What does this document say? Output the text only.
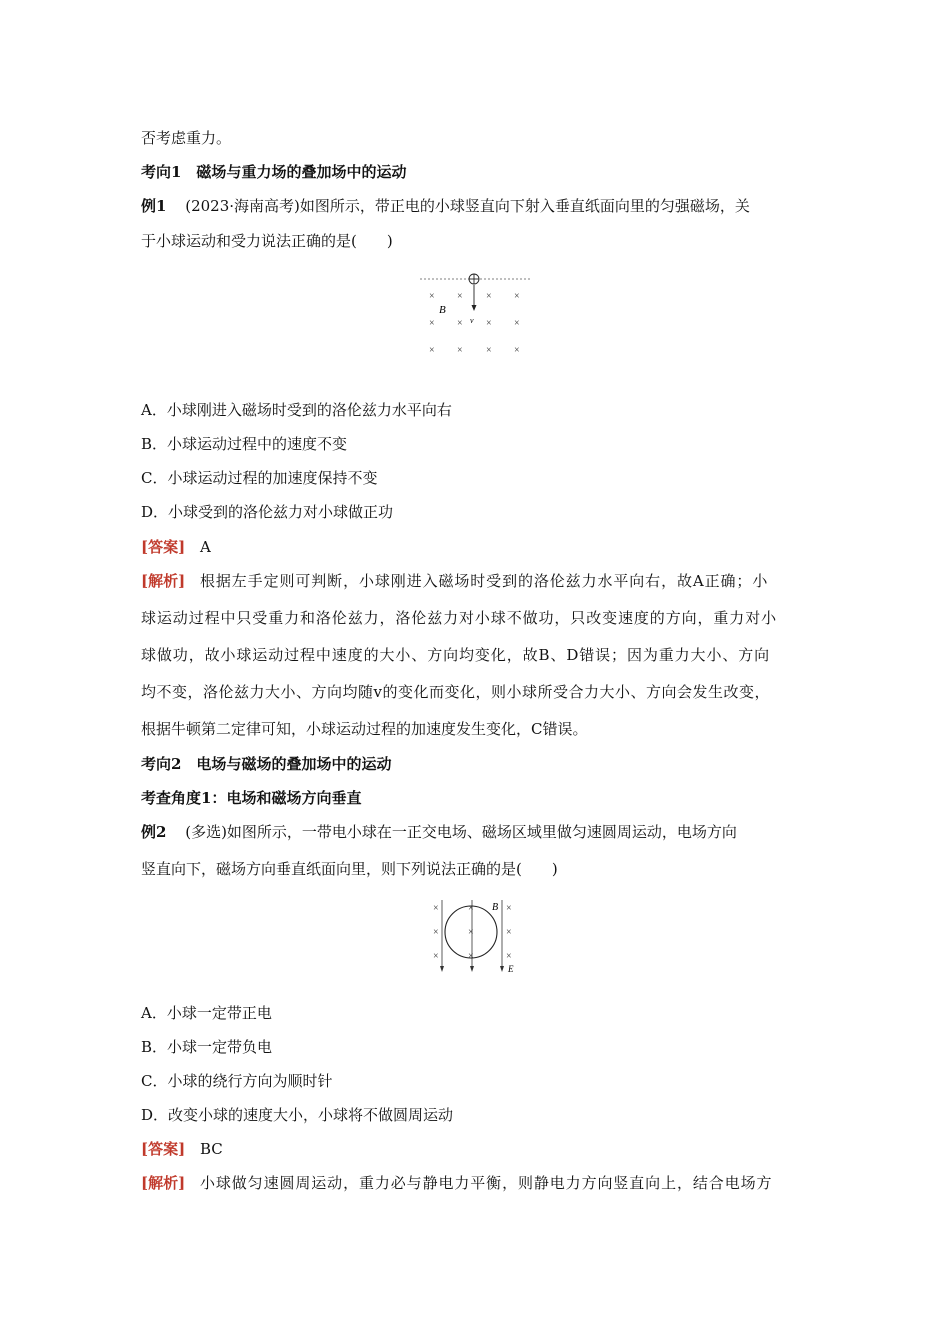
否考虑重力。
考向1　磁场与重力场的叠加场中的运动
例1 (2023·海南高考)如图所示，带正电的小球竖直向下射入垂直纸面向里的匀强磁场，关
于小球运动和受力说法正确的是(　　)
v
B
× × × ×
× × × ×
× × × ×
A．小球刚进入磁场时受到的洛伦兹力水平向右
B．小球运动过程中的速度不变
C．小球运动过程的加速度保持不变
D．小球受到的洛伦兹力对小球做正功
[答案] A
[解析] 根据左手定则可判断，小球刚进入磁场时受到的洛伦兹力水平向右，故A正确；小
球运动过程中只受重力和洛伦兹力，洛伦兹力对小球不做功，只改变速度的方向，重力对小
球做功，故小球运动过程中速度的大小、方向均变化，故B、D错误；因为重力大小、方向
均不变，洛伦兹力大小、方向均随v的变化而变化，则小球所受合力大小、方向会发生改变，
根据牛顿第二定律可知，小球运动过程的加速度发生变化，C错误。
考向2　电场与磁场的叠加场中的运动
考查角度1：电场和磁场方向垂直
例2 (多选)如图所示，一带电小球在一正交电场、磁场区域里做匀速圆周运动，电场方向
竖直向下，磁场方向垂直纸面向里，则下列说法正确的是(　　)
×	×	×
×	×	×
×	×	×
B
E
A．小球一定带正电
B．小球一定带负电
C．小球的绕行方向为顺时针
D．改变小球的速度大小，小球将不做圆周运动
[答案] BC
[解析] 小球做匀速圆周运动，重力必与静电力平衡，则静电力方向竖直向上，结合电场方
